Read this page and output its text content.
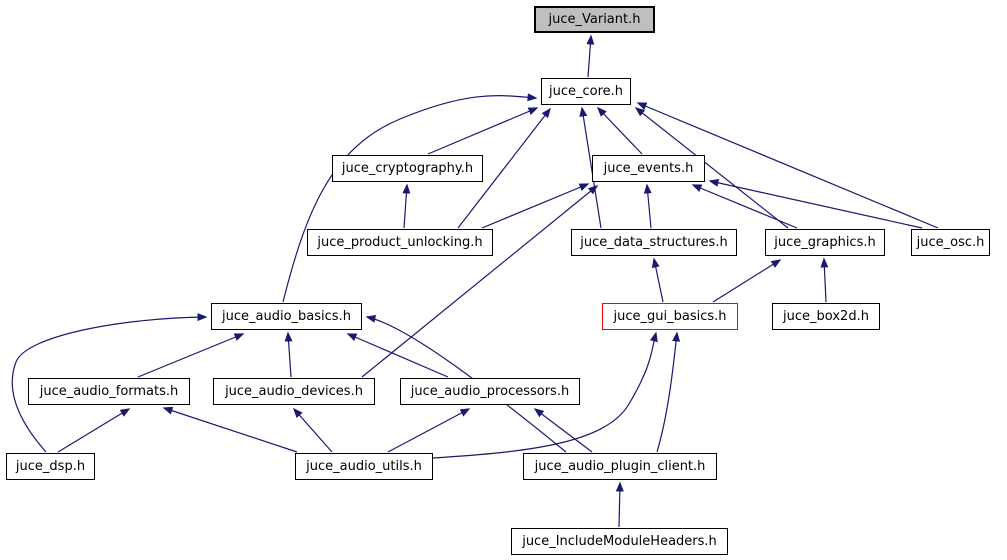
juce_Variant.h
juce_core.h
juce_cryptography.h	juce_events.h
juce_product_unlocking.h	juce_data_structures.h	juce_graphics.h	juce_osc.h
juce_audio_basics.h	juce_gui_basics.h	juce_box2d.h
juce_audio_formats.h	juce_audio_devices.h	juce_audio_processors.h
juce_dsp.h	juce_audio_utils.h	juce_audio_plugin_client.h
juce_IncludeModuleHeaders.h
